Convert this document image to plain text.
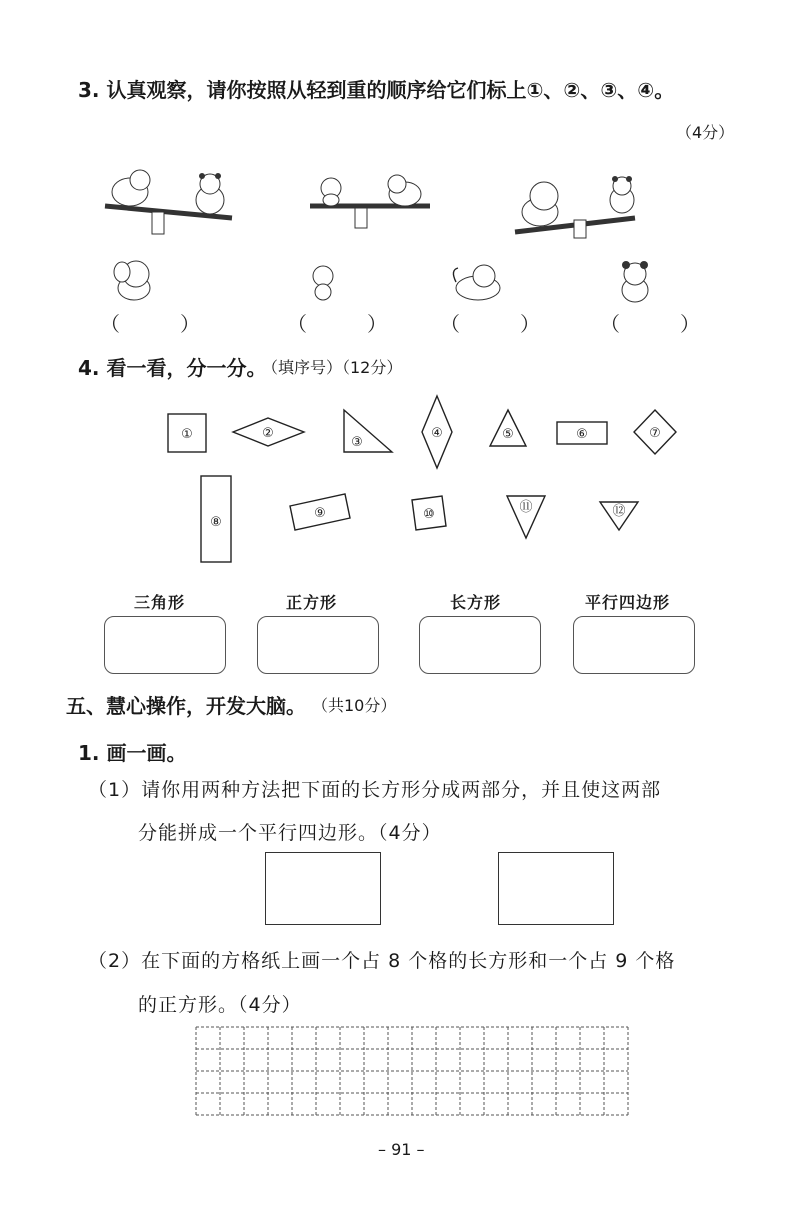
3. 认真观察，请你按照从轻到重的顺序给它们标上①、②、③、④。
（4分）
（　　　）	（　　　）	（　　　）	（　　　）
4. 看一看，分一分。
（填序号）（12分）
①	②
③
④	⑤	⑥	⑦
⑧
⑨	⑩	⑪	⑫
三角形	正方形	长方形	平行四边形
五、慧心操作，开发大脑。 （共10分）
1. 画一画。
（1）请你用两种方法把下面的长方形分成两部分，并且使这两部
分能拼成一个平行四边形。（4分）
（2）在下面的方格纸上画一个占 8 个格的长方形和一个占 9 个格
的正方形。（4分）
– 91 –
